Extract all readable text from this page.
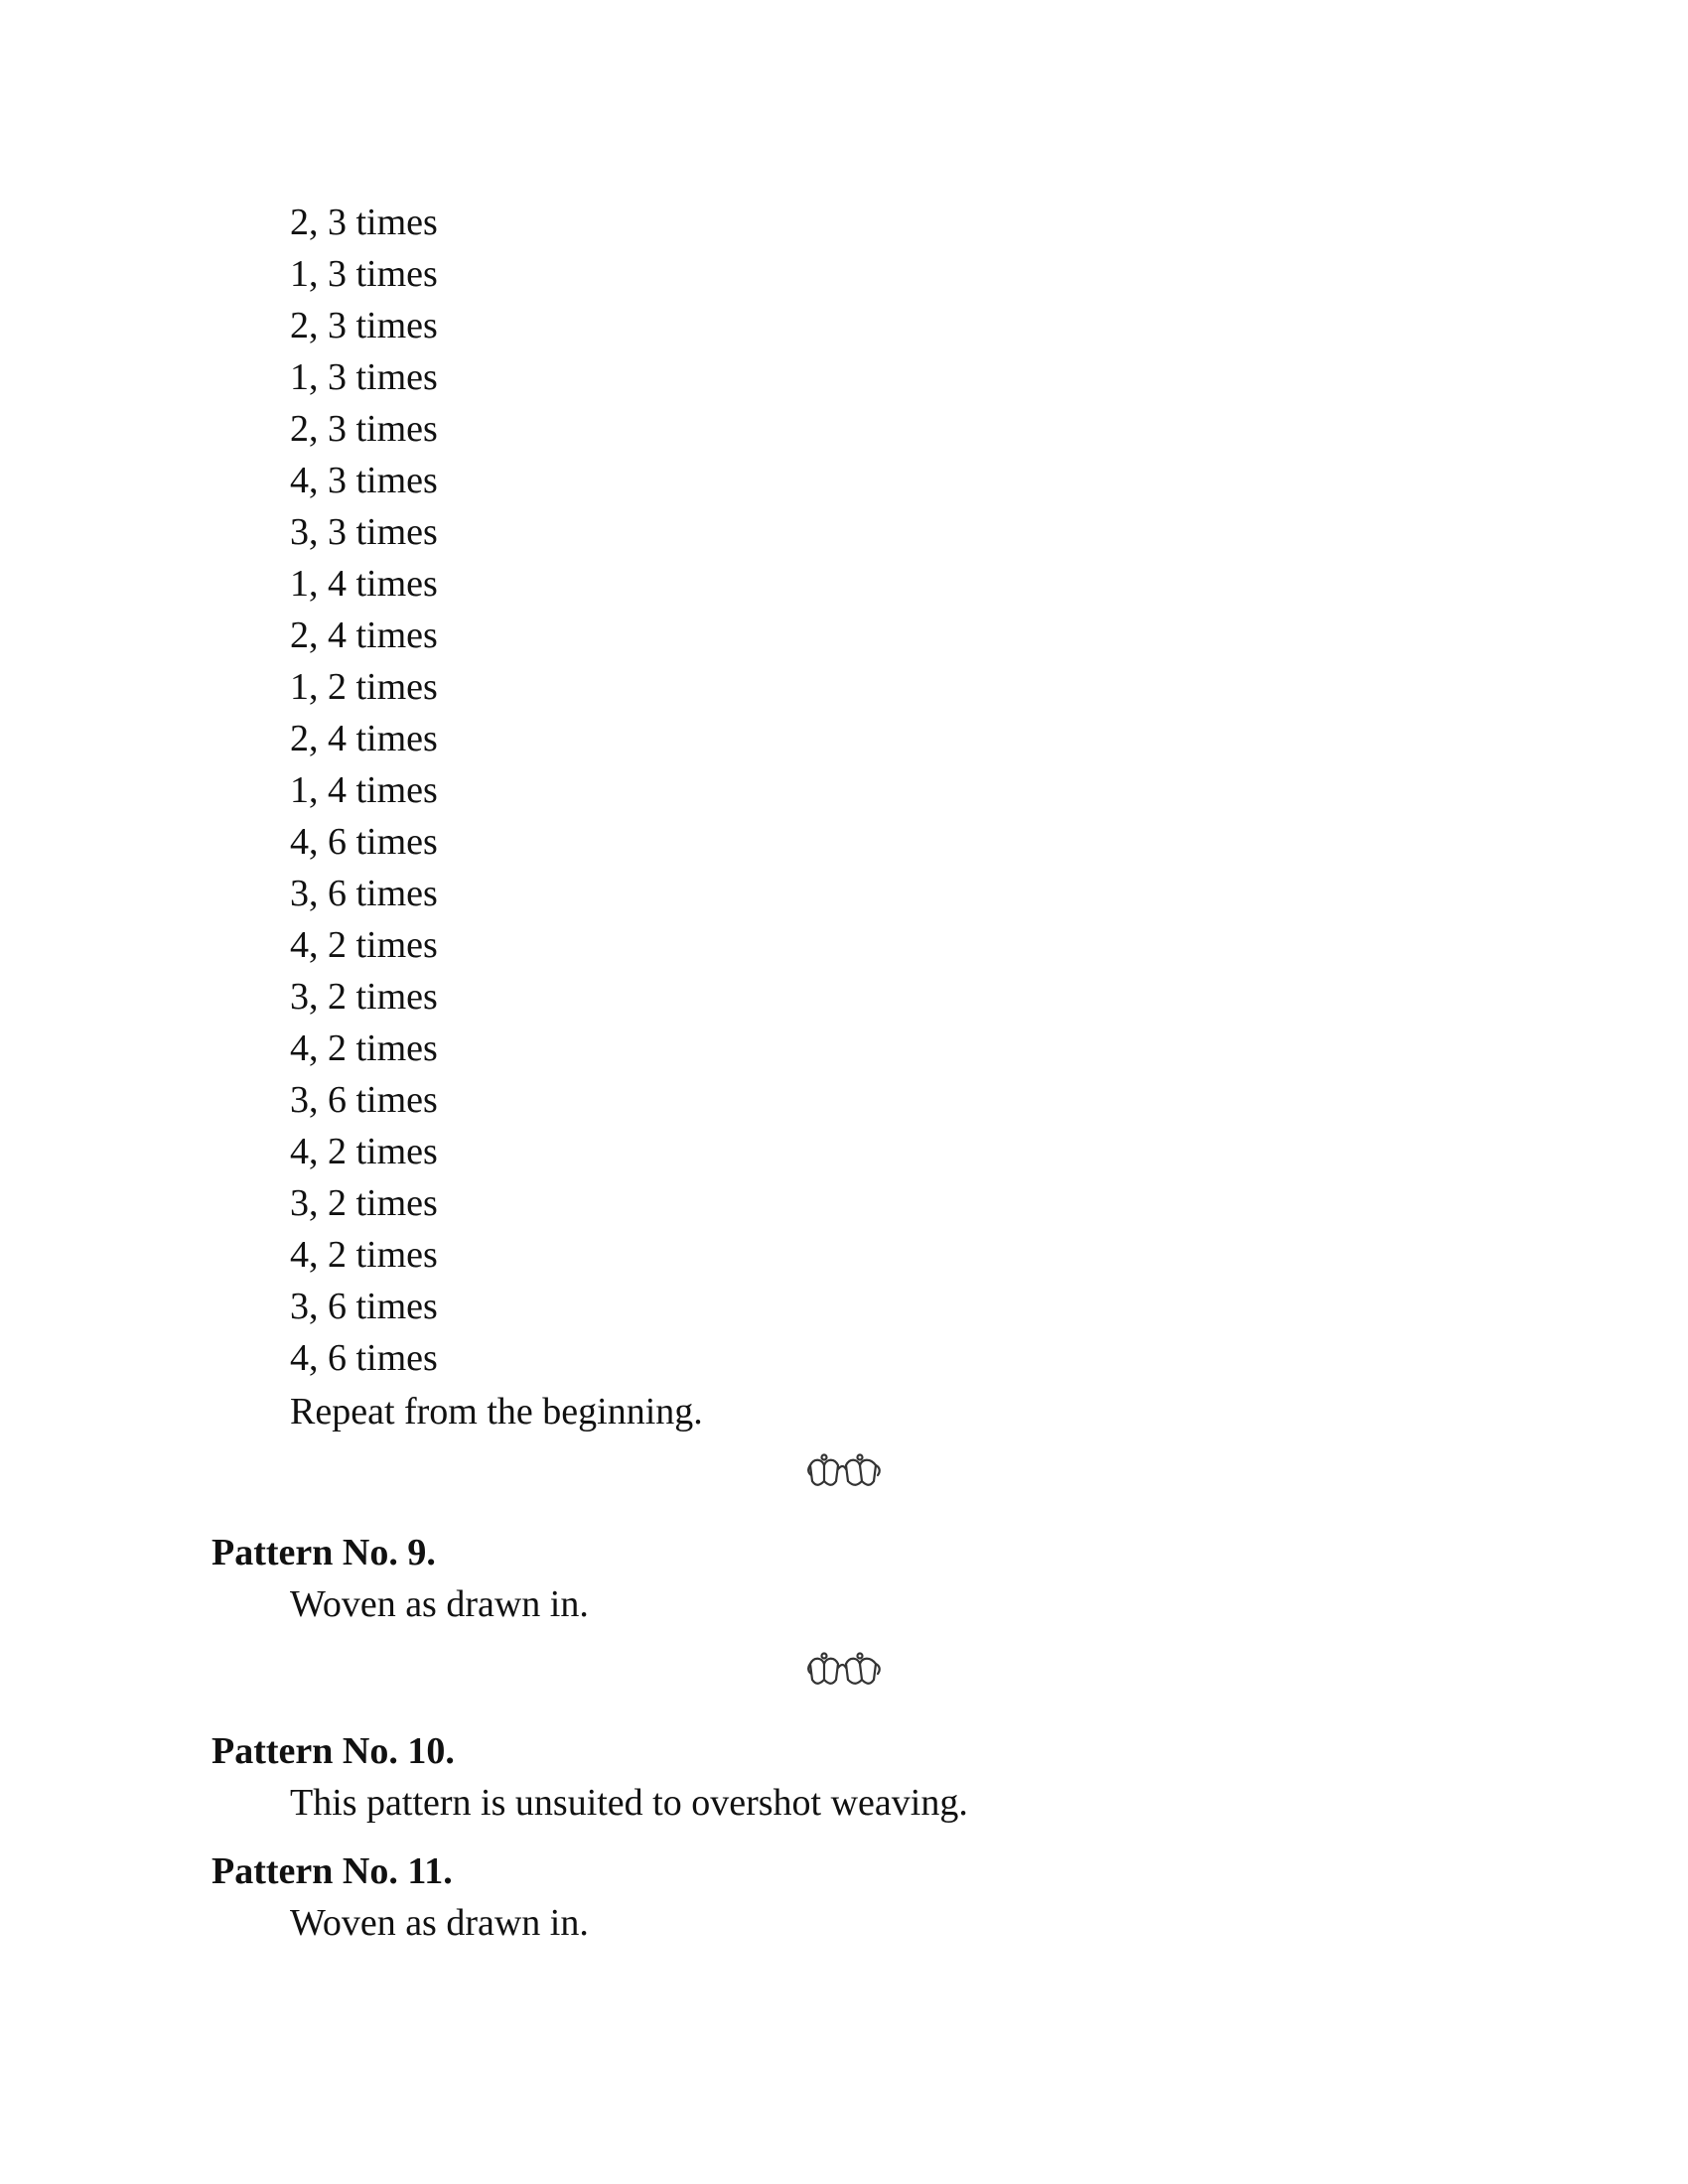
2, 3 times
1, 3 times
2, 3 times
1, 3 times
2, 3 times
4, 3 times
3, 3 times
1, 4 times
2, 4 times
1, 2 times
2, 4 times
1, 4 times
4, 6 times
3, 6 times
4, 2 times
3, 2 times
4, 2 times
3, 6 times
4, 2 times
3, 2 times
4, 2 times
3, 6 times
4, 6 times
Repeat from the beginning.
Pattern No. 9.
Woven as drawn in.
Pattern No. 10.
This pattern is unsuited to overshot weaving.
Pattern No. 11.
Woven as drawn in.
